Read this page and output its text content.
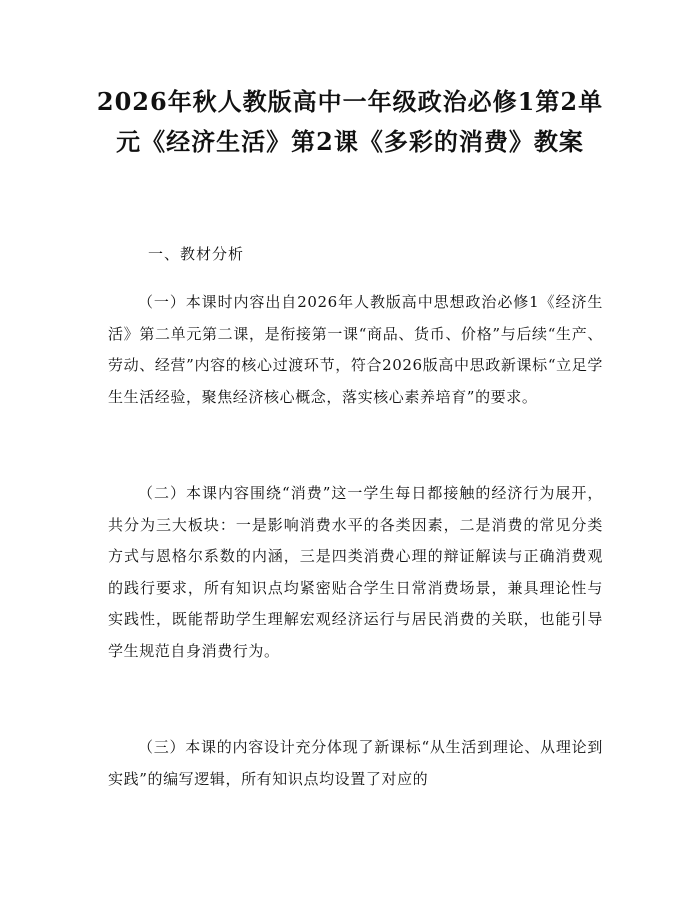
2026年秋人教版高中一年级政治必修1第2单元《经济生活》第2课《多彩的消费》教案

一、教材分析

（一）本课时内容出自2026年人教版高中思想政治必修1《经济生活》第二单元第二课，是衔接第一课“商品、货币、价格”与后续“生产、劳动、经营”内容的核心过渡环节，符合2026版高中思政新课标“立足学生生活经验，聚焦经济核心概念，落实核心素养培育”的要求。

（二）本课内容围绕“消费”这一学生每日都接触的经济行为展开，共分为三大板块：一是影响消费水平的各类因素，二是消费的常见分类方式与恩格尔系数的内涵，三是四类消费心理的辩证解读与正确消费观的践行要求，所有知识点均紧密贴合学生日常消费场景，兼具理论性与实践性，既能帮助学生理解宏观经济运行与居民消费的关联，也能引导学生规范自身消费行为。

（三）本课的内容设计充分体现了新课标“从生活到理论、从理论到实践”的编写逻辑，所有知识点均设置了对应的
